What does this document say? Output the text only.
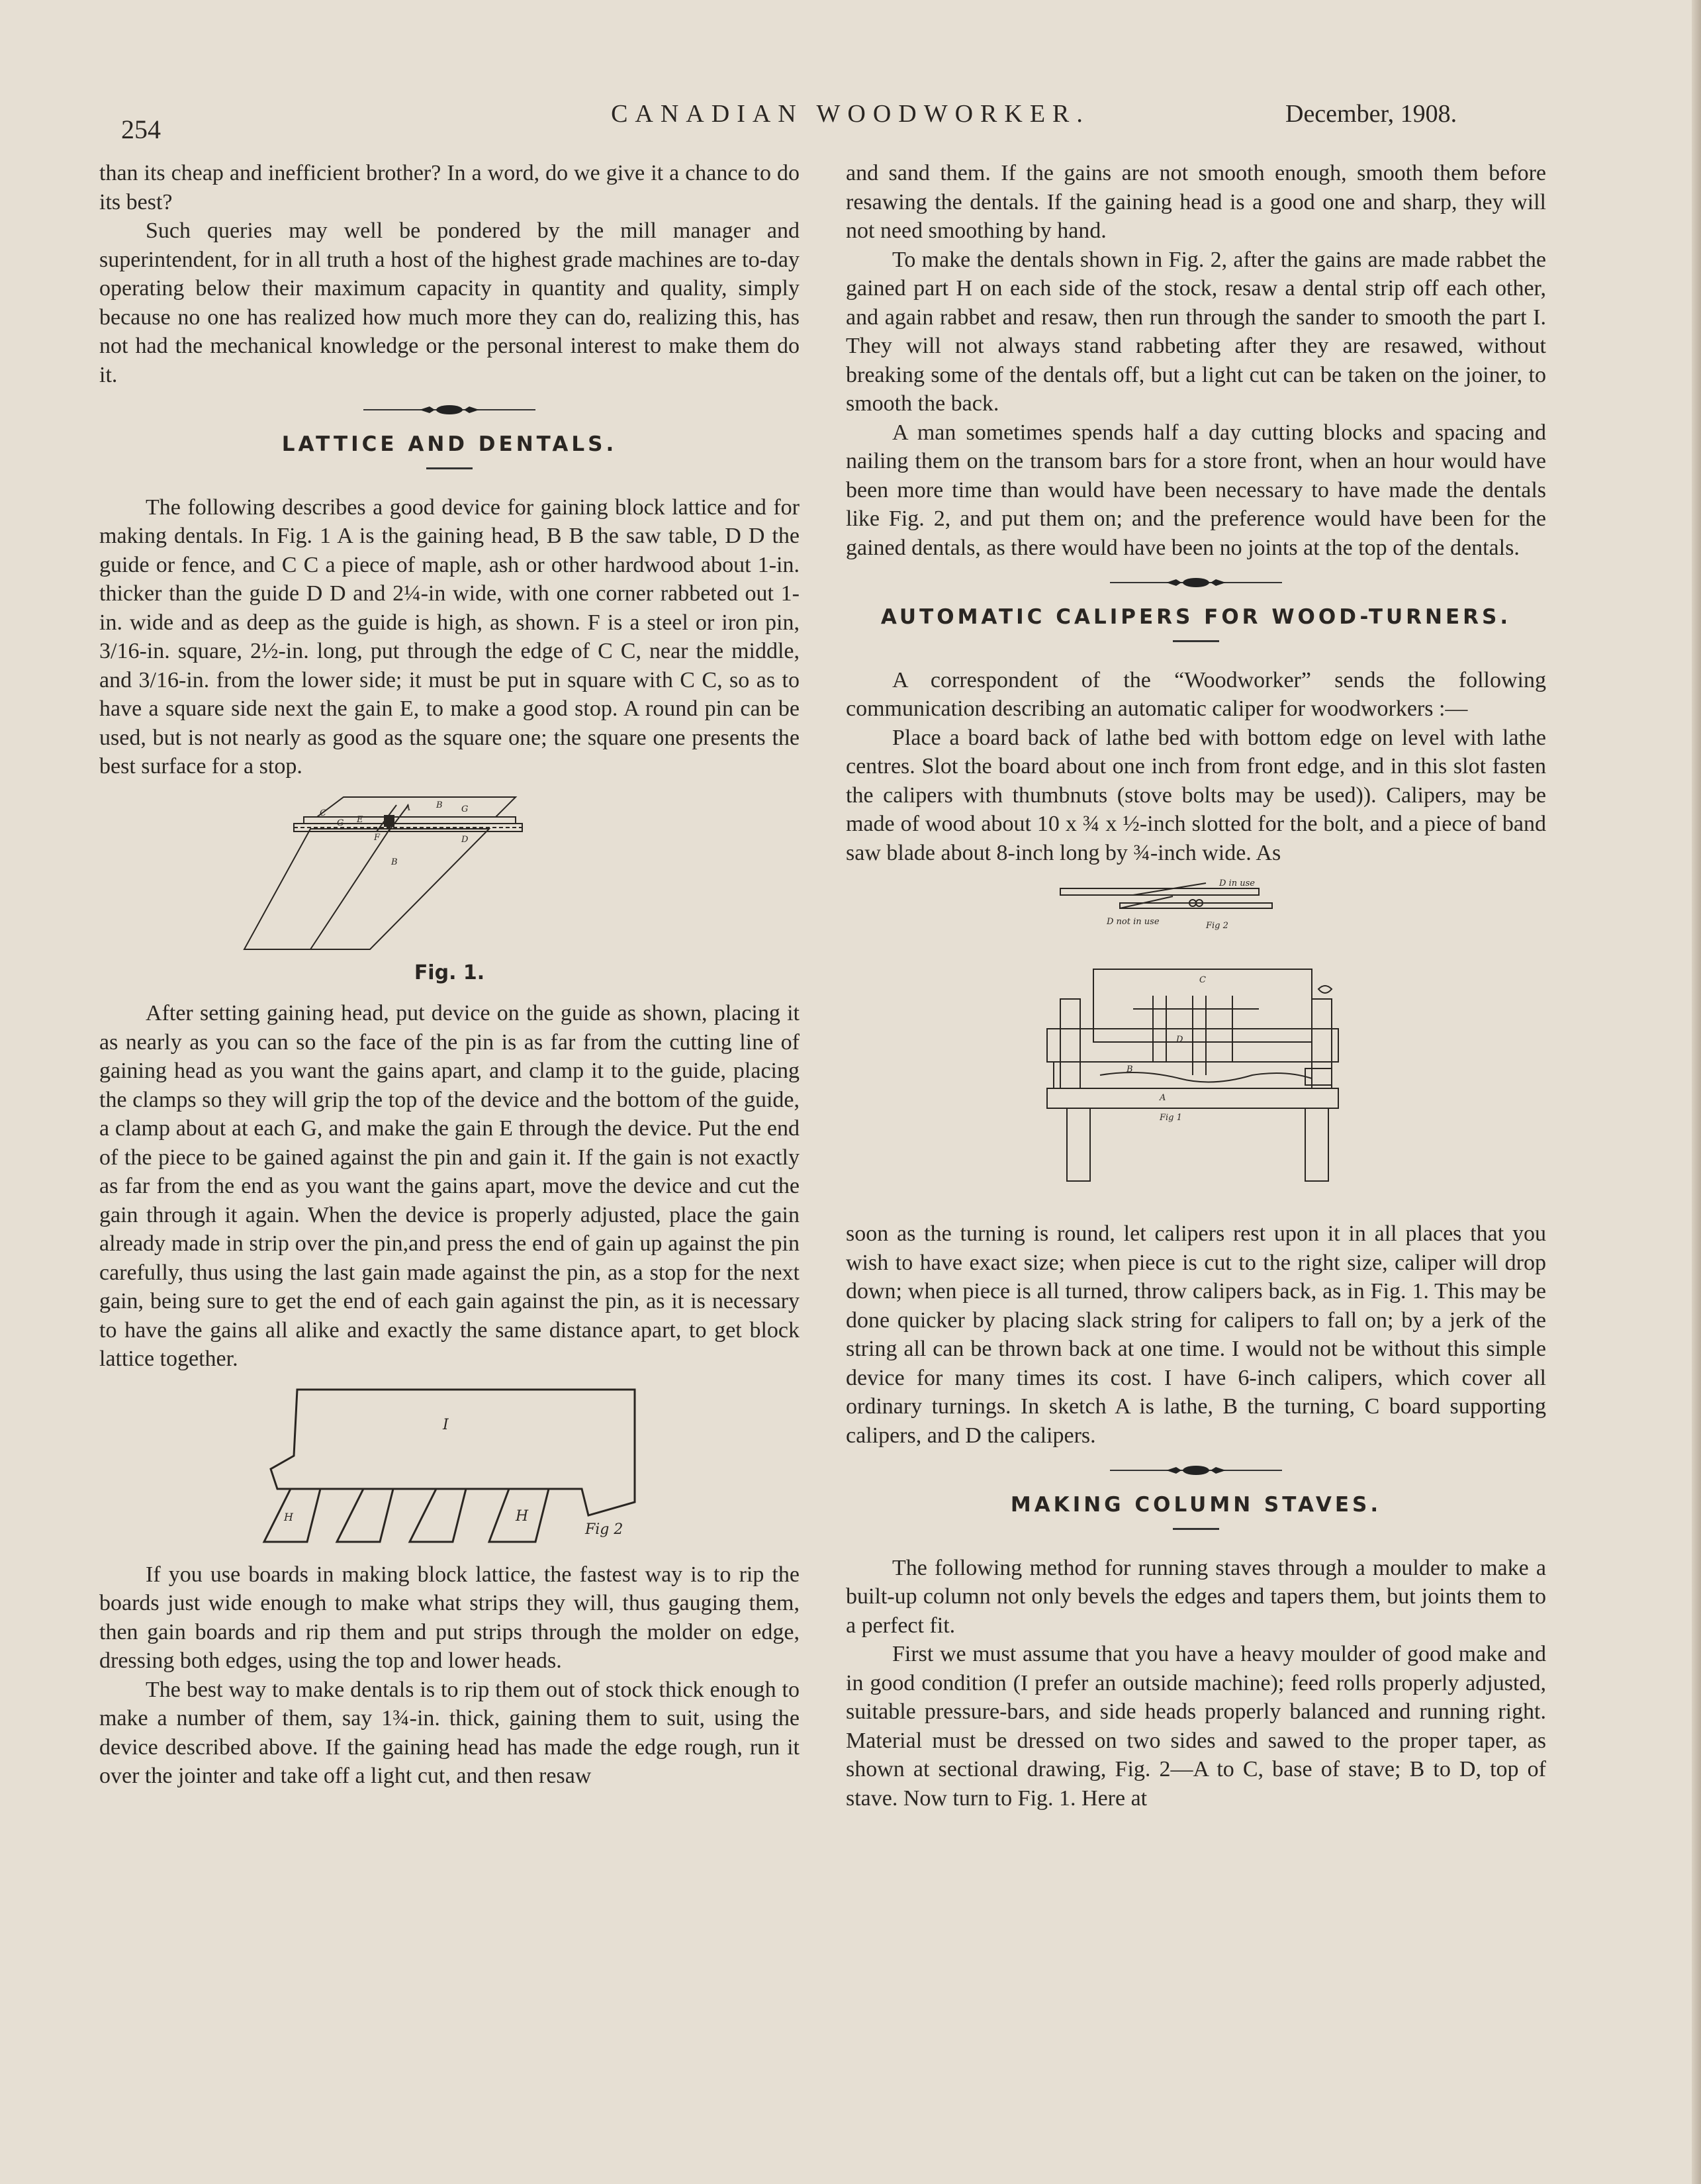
254
CANADIAN WOODWORKER.	December, 1908.

than its cheap and inefficient brother? In a word, do we give it a chance to do its best?

Such queries may well be pondered by the mill manager and superintendent, for in all truth a host of the highest grade machines are to-day operating below their maximum capacity in quantity and quality, simply because no one has realized how much more they can do, realizing this, has not had the mechanical knowledge or the personal interest to make them do it.

LATTICE AND DENTALS.

The following describes a good device for gaining block lattice and for making dentals. In Fig. 1 A is the gaining head, B B the saw table, D D the guide or fence, and C C a piece of maple, ash or other hardwood about 1-in. thicker than the guide D D and 2¼-in wide, with one corner rabbeted out 1-in. wide and as deep as the guide is high, as shown. F is a steel or iron pin, 3/16-in. square, 2½-in. long, put through the edge of C C, near the middle, and 3/16-in. from the lower side; it must be put in square with C C, so as to have a square side next the gain E, to make a good stop. A round pin can be used, but is not nearly as good as the square one; the square one presents the best surface for a stop.

C
A	B
G
G
E
F
B
D
Fig. 1.

After setting gaining head, put device on the guide as shown, placing it as nearly as you can so the face of the pin is as far from the cutting line of gaining head as you want the gains apart, and clamp it to the guide, placing the clamps so they will grip the top of the device and the bottom of the guide, a clamp about at each G, and make the gain E through the device. Put the end of the piece to be gained against the pin and gain it. If the gain is not exactly as far from the end as you want the gains apart, move the device and cut the gain through it again. When the device is properly adjusted, place the gain already made in strip over the pin,and press the end of gain up against the pin carefully, thus using the last gain made against the pin, as a stop for the next gain, being sure to get the end of each gain against the pin, as it is necessary to have the gains all alike and exactly the same distance apart, to get block lattice together.

I
H	H
Fig 2

If you use boards in making block lattice, the fastest way is to rip the boards just wide enough to make what strips they will, thus gauging them, then gain boards and rip them and put strips through the molder on edge, dressing both edges, using the top and lower heads.

The best way to make dentals is to rip them out of stock thick enough to make a number of them, say 1¾-in. thick, gaining them to suit, using the device described above. If the gaining head has made the edge rough, run it over the jointer and take off a light cut, and then resaw

and sand them. If the gains are not smooth enough, smooth them before resawing the dentals. If the gaining head is a good one and sharp, they will not need smoothing by hand.

To make the dentals shown in Fig. 2, after the gains are made rabbet the gained part H on each side of the stock, resaw a dental strip off each other, and again rabbet and resaw, then run through the sander to smooth the part I. They will not always stand rabbeting after they are resawed, without breaking some of the dentals off, but a light cut can be taken on the joiner, to smooth the back.

A man sometimes spends half a day cutting blocks and spacing and nailing them on the transom bars for a store front, when an hour would have been more time than would have been necessary to have made the dentals like Fig. 2, and put them on; and the preference would have been for the gained dentals, as there would have been no joints at the top of the dentals.

AUTOMATIC CALIPERS FOR WOOD-TURNERS.

A correspondent of the “Woodworker” sends the following communication describing an automatic caliper for woodworkers :—

Place a board back of lathe bed with bottom edge on level with lathe centres. Slot the board about one inch from front edge, and in this slot fasten the calipers with thumbnuts (stove bolts may be used)). Calipers, may be made of wood about 10 x ¾ x ½-inch slotted for the bolt, and a piece of band saw blade about 8-inch long by ¾-inch wide. As

D in use
D not in use	Fig 2
C
D
B
A
Fig 1

soon as the turning is round, let calipers rest upon it in all places that you wish to have exact size; when piece is cut to the right size, caliper will drop down; when piece is all turned, throw calipers back, as in Fig. 1. This may be done quicker by placing slack string for calipers to fall on; by a jerk of the string all can be thrown back at one time. I would not be without this simple device for many times its cost. I have 6-inch calipers, which cover all ordinary turnings. In sketch A is lathe, B the turning, C board supporting calipers, and D the calipers.

MAKING COLUMN STAVES.

The following method for running staves through a moulder to make a built-up column not only bevels the edges and tapers them, but joints them to a perfect fit.

First we must assume that you have a heavy moulder of good make and in good condition (I prefer an outside machine); feed rolls properly adjusted, suitable pressure-bars, and side heads properly balanced and running right. Material must be dressed on two sides and sawed to the proper taper, as shown at sectional drawing, Fig. 2—A to C, base of stave; B to D, top of stave. Now turn to Fig. 1. Here at
